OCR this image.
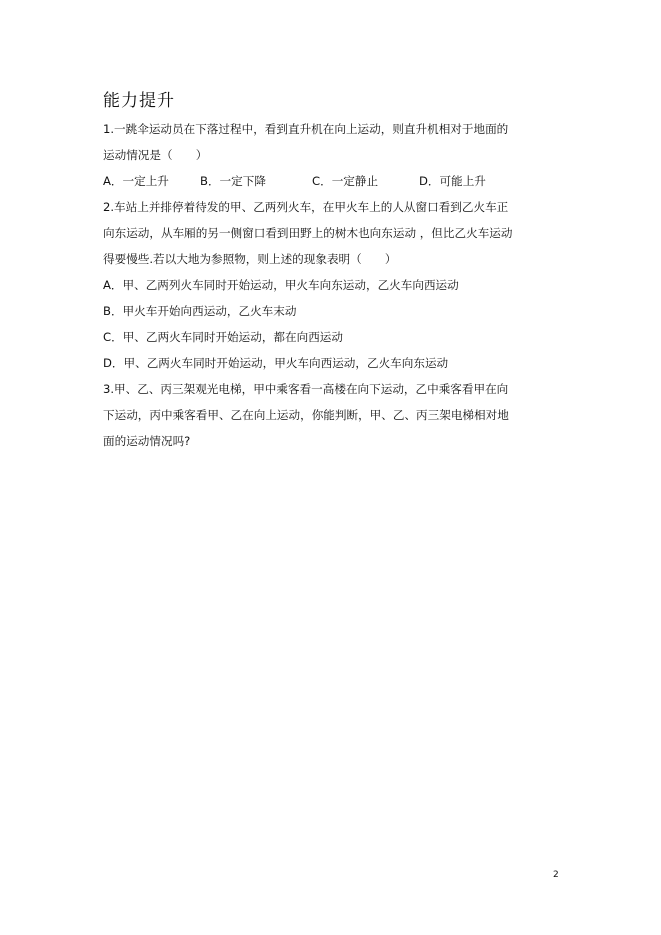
能力提升
1.一跳伞运动员在下落过程中，看到直升机在向上运动，则直升机相对于地面的
运动情况是（　　）
A．一定上升	B．一定下降	C．一定静止	D．可能上升
2.车站上并排停着待发的甲、乙两列火车，在甲火车上的人从窗口看到乙火车正
向东运动，从车厢的另一侧窗口看到田野上的树木也向东运动 ，但比乙火车运动
得要慢些.若以大地为参照物，则上述的现象表明（　　）
A．甲、乙两列火车同时开始运动，甲火车向东运动，乙火车向西运动
B．甲火车开始向西运动，乙火车末动
C．甲、乙两火车同时开始运动，都在向西运动
D．甲、乙两火车同时开始运动，甲火车向西运动，乙火车向东运动
3.甲、乙、丙三架观光电梯，甲中乘客看一高楼在向下运动，乙中乘客看甲在向
下运动，丙中乘客看甲、乙在向上运动，你能判断，甲、乙、丙三架电梯相对地
面的运动情况吗?
2
